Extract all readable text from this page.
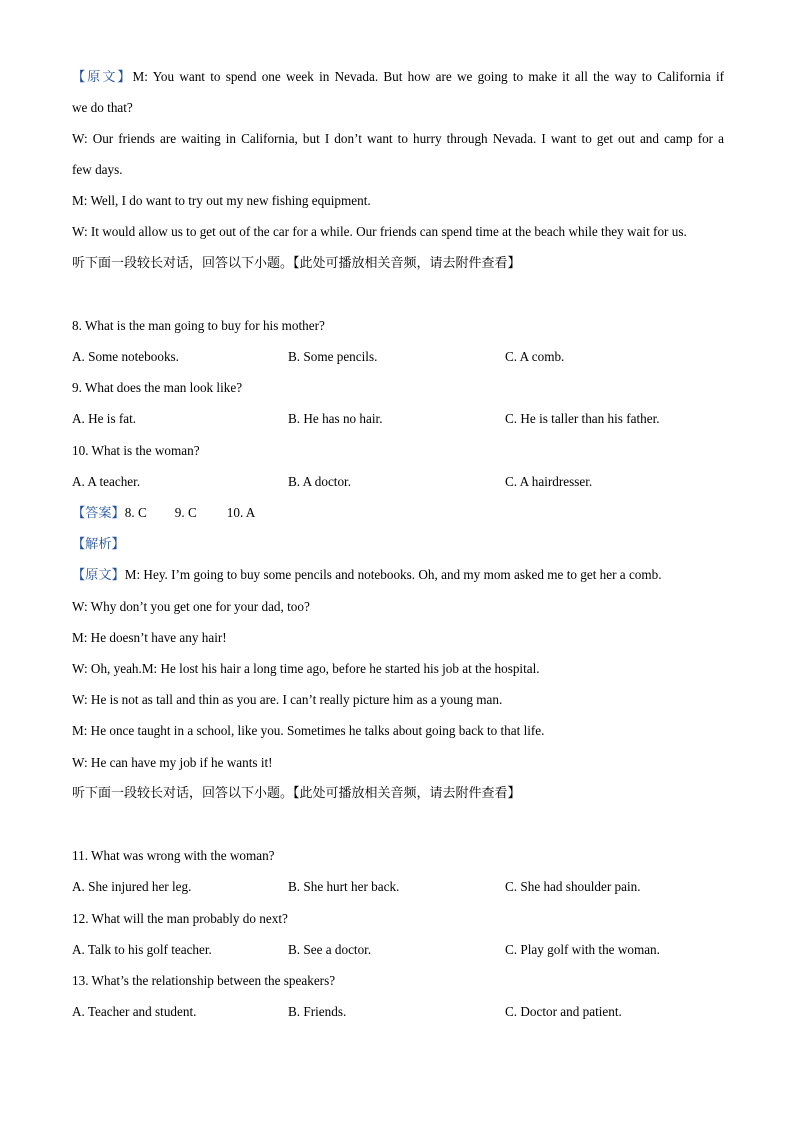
【原文】M: You want to spend one week in Nevada. But how are we going to make it all the way to California if
we do that?
W: Our friends are waiting in California, but I don’t want to hurry through Nevada. I want to get out and camp for a
few days.
M: Well, I do want to try out my new fishing equipment.
W: It would allow us to get out of the car for a while. Our friends can spend time at the beach while they wait for us.
听下面一段较长对话，回答以下小题。【此处可播放相关音频，请去附件查看】
8. What is the man going to buy for his mother?
A. Some notebooks.	B. Some pencils.	C. A comb.
9. What does the man look like?
A. He is fat.	B. He has no hair.	C. He is taller than his father.
10. What is the woman?
A. A teacher.	B. A doctor.	C. A hairdresser.
【答案】8. C 9. C 10. A
【解析】
【原文】M: Hey. I’m going to buy some pencils and notebooks. Oh, and my mom asked me to get her a comb.
W: Why don’t you get one for your dad, too?
M: He doesn’t have any hair!
W: Oh, yeah.M: He lost his hair a long time ago, before he started his job at the hospital.
W: He is not as tall and thin as you are. I can’t really picture him as a young man.
M: He once taught in a school, like you. Sometimes he talks about going back to that life.
W: He can have my job if he wants it!
听下面一段较长对话，回答以下小题。【此处可播放相关音频，请去附件查看】
11. What was wrong with the woman?
A. She injured her leg.	B. She hurt her back.	C. She had shoulder pain.
12. What will the man probably do next?
A. Talk to his golf teacher.	B. See a doctor.	C. Play golf with the woman.
13. What’s the relationship between the speakers?
A. Teacher and student.	B. Friends.	C. Doctor and patient.
